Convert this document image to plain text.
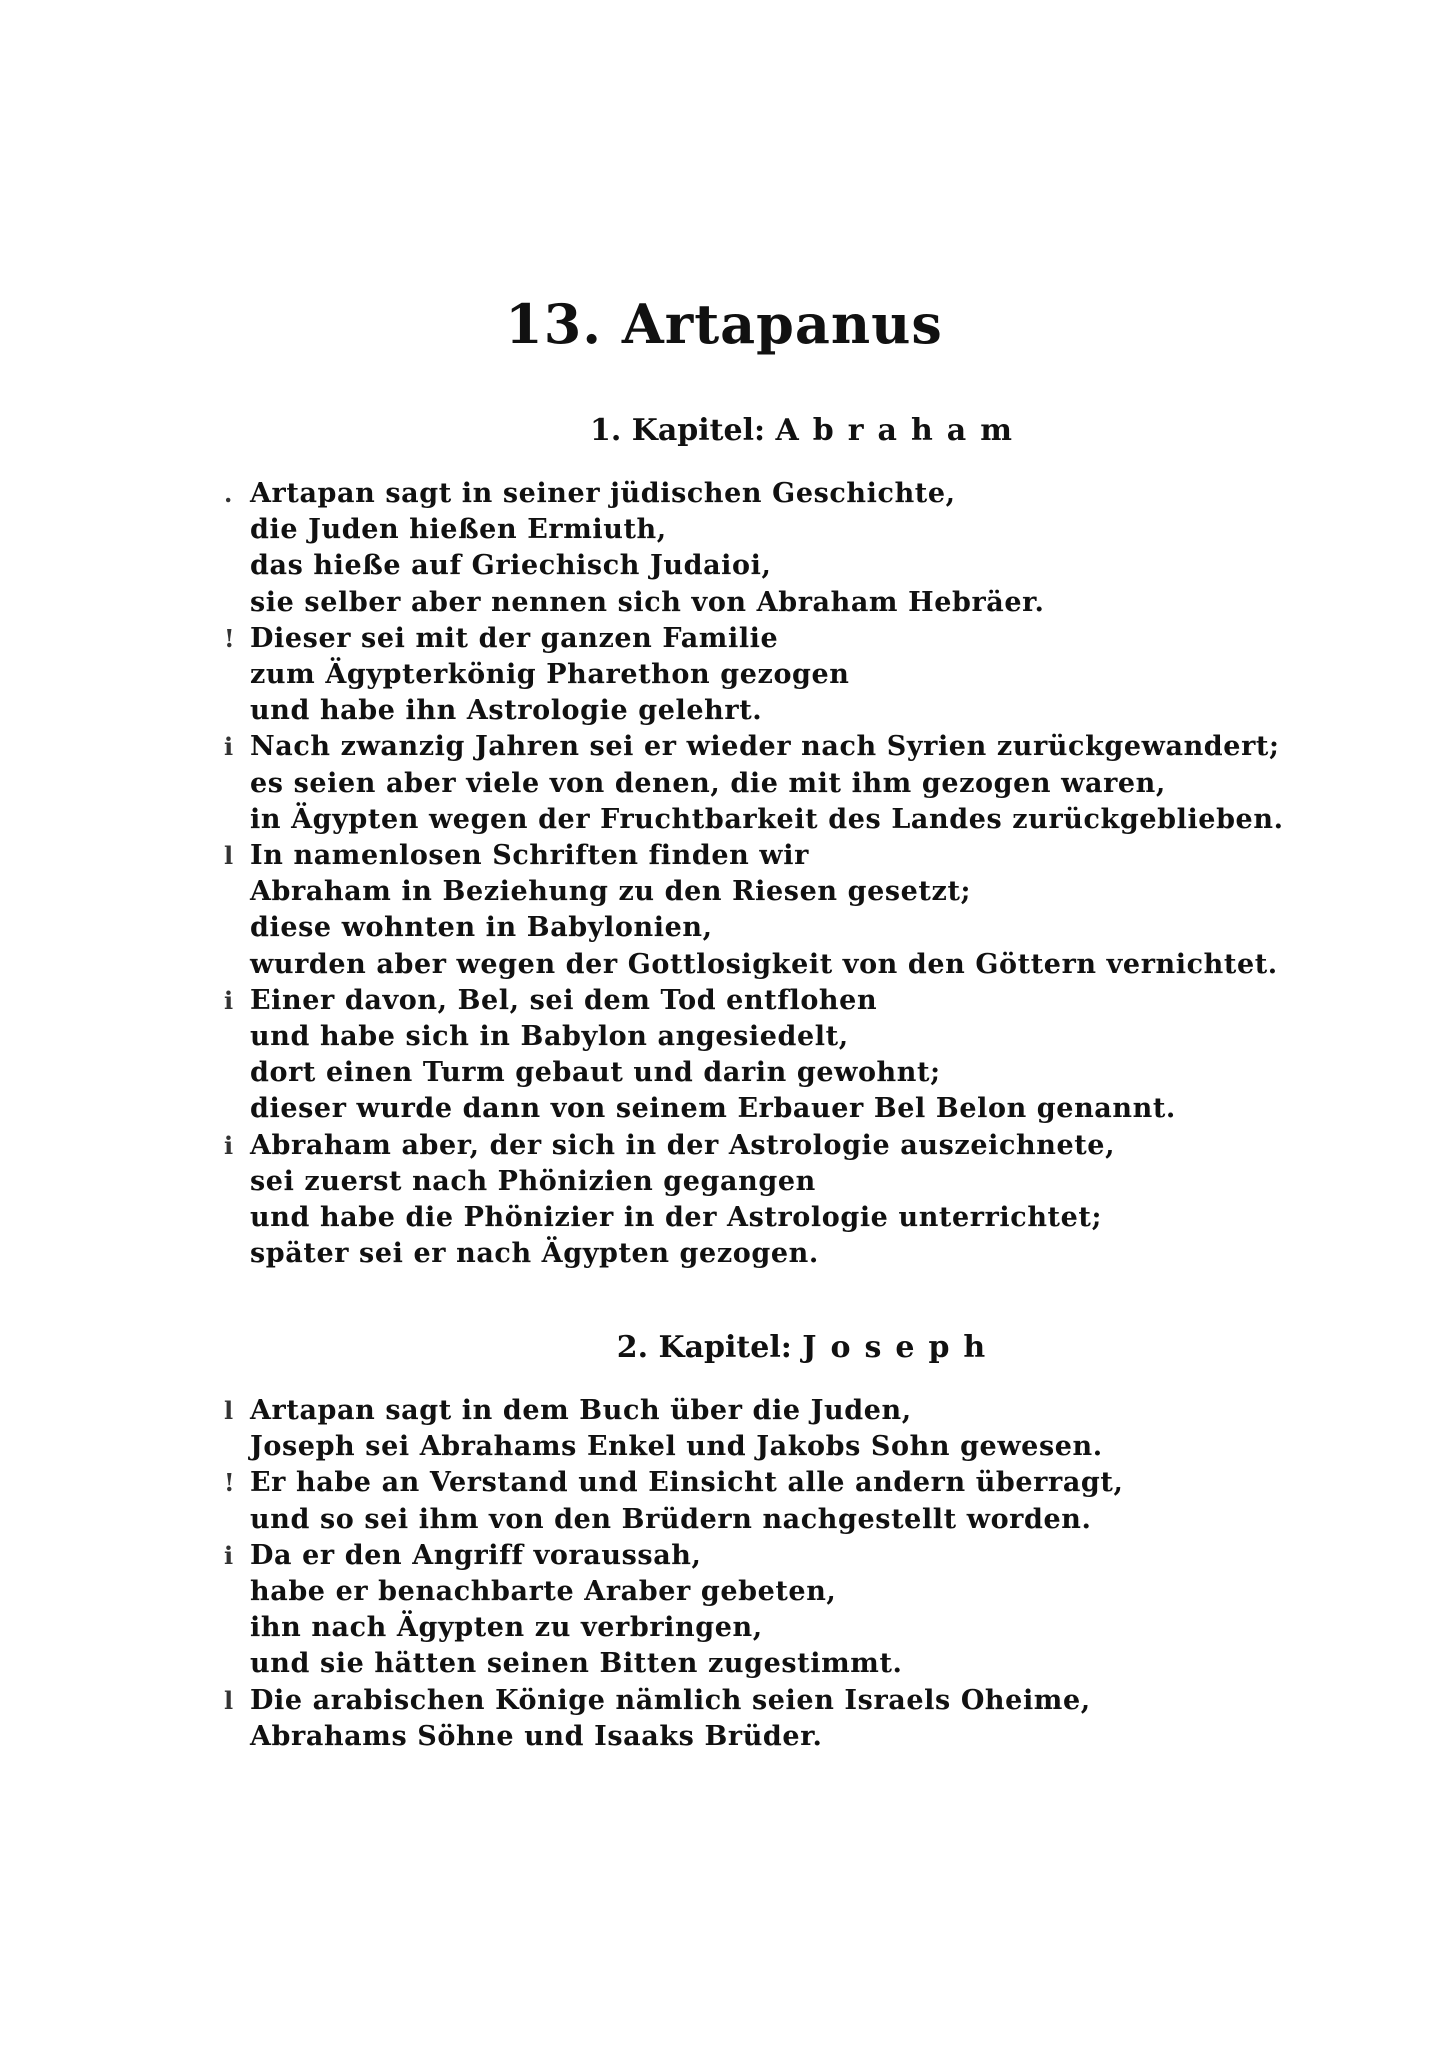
13. Artapanus
1. Kapitel: Abraham
. Artapan sagt in seiner jüdischen Geschichte,
die Juden hießen Ermiuth,
das hieße auf Griechisch Judaioi,
sie selber aber nennen sich von Abraham Hebräer.
! Dieser sei mit der ganzen Familie
zum Ägypterkönig Pharethon gezogen
und habe ihn Astrologie gelehrt.
i Nach zwanzig Jahren sei er wieder nach Syrien zurückgewandert;
es seien aber viele von denen, die mit ihm gezogen waren,
in Ägypten wegen der Fruchtbarkeit des Landes zurückgeblieben.
l In namenlosen Schriften finden wir
Abraham in Beziehung zu den Riesen gesetzt;
diese wohnten in Babylonien,
wurden aber wegen der Gottlosigkeit von den Göttern vernichtet.
i Einer davon, Bel, sei dem Tod entflohen
und habe sich in Babylon angesiedelt,
dort einen Turm gebaut und darin gewohnt;
dieser wurde dann von seinem Erbauer Bel Belon genannt.
i Abraham aber, der sich in der Astrologie auszeichnete,
sei zuerst nach Phönizien gegangen
und habe die Phönizier in der Astrologie unterrichtet;
später sei er nach Ägypten gezogen.
2. Kapitel: Joseph
l Artapan sagt in dem Buch über die Juden,
Joseph sei Abrahams Enkel und Jakobs Sohn gewesen.
! Er habe an Verstand und Einsicht alle andern überragt,
und so sei ihm von den Brüdern nachgestellt worden.
i Da er den Angriff voraussah,
habe er benachbarte Araber gebeten,
ihn nach Ägypten zu verbringen,
und sie hätten seinen Bitten zugestimmt.
l Die arabischen Könige nämlich seien Israels Oheime,
Abrahams Söhne und Isaaks Brüder.
